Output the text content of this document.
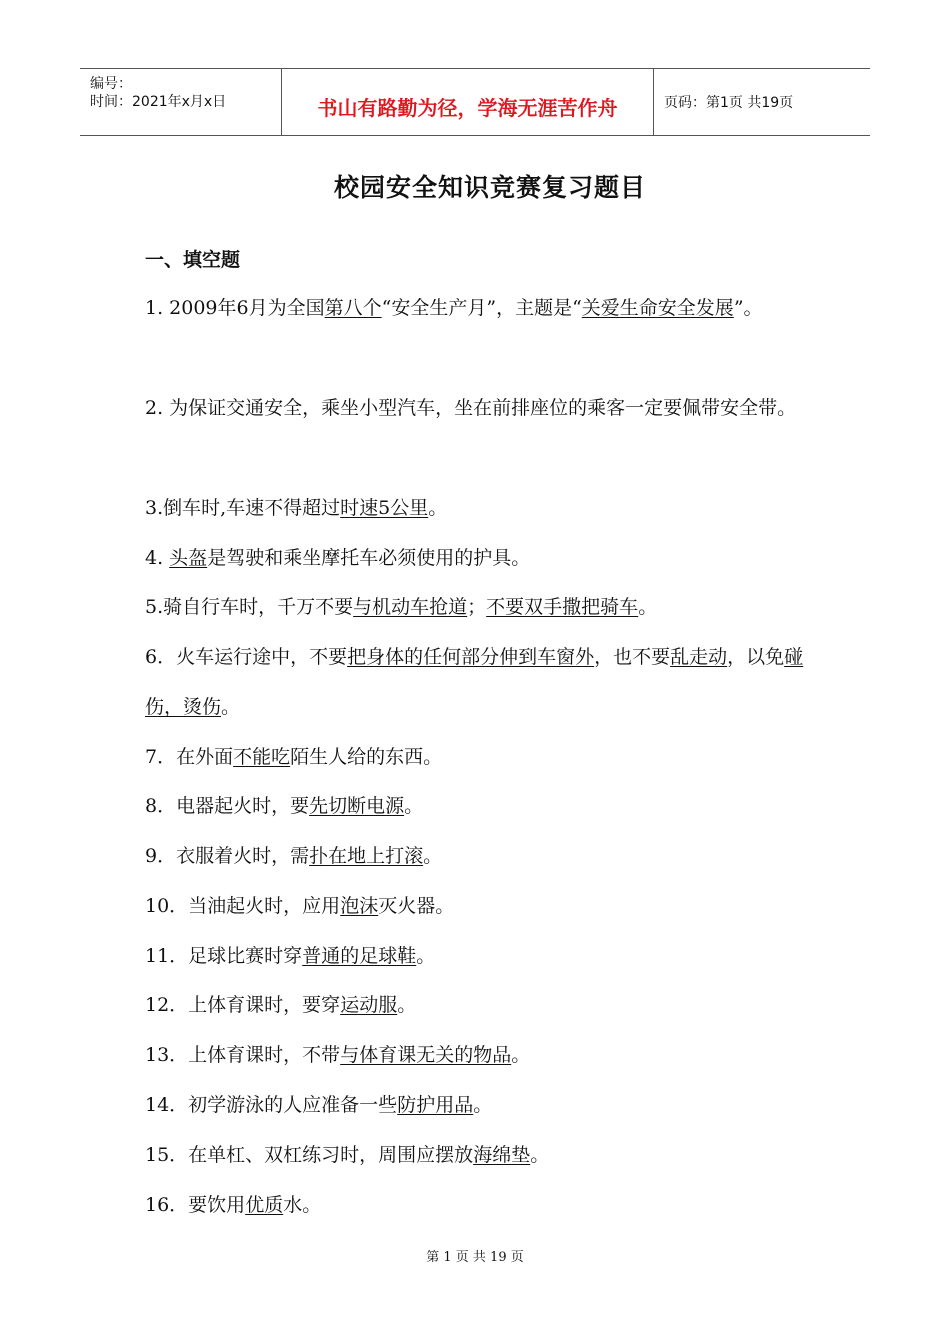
编号：
时间：2021年x月x日	书山有路勤为径，学海无涯苦作舟	页码：第1页 共19页
校园安全知识竞赛复习题目
一、填空题

1. 2009年6月为全国第八个“安全生产月”，主题是“关爱生命安全发展”。

2. 为保证交通安全，乘坐小型汽车，坐在前排座位的乘客一定要佩带安全带。

3.倒车时,车速不得超过时速5公里。

4. 头盔是驾驶和乘坐摩托车必须使用的护具。

5.骑自行车时，千万不要与机动车抢道；不要双手撒把骑车。

6．火车运行途中，不要把身体的任何部分伸到车窗外，也不要乱走动，以免碰伤，烫伤。

7．在外面不能吃陌生人给的东西。

8．电器起火时，要先切断电源。

9．衣服着火时，需扑在地上打滚。

10．当油起火时，应用泡沫灭火器。

11．足球比赛时穿普通的足球鞋。

12．上体育课时，要穿运动服。

13．上体育课时，不带与体育课无关的物品。

14．初学游泳的人应准备一些防护用品。

15．在单杠、双杠练习时，周围应摆放海绵垫。

16．要饮用优质水。

第 1 页 共 19 页
